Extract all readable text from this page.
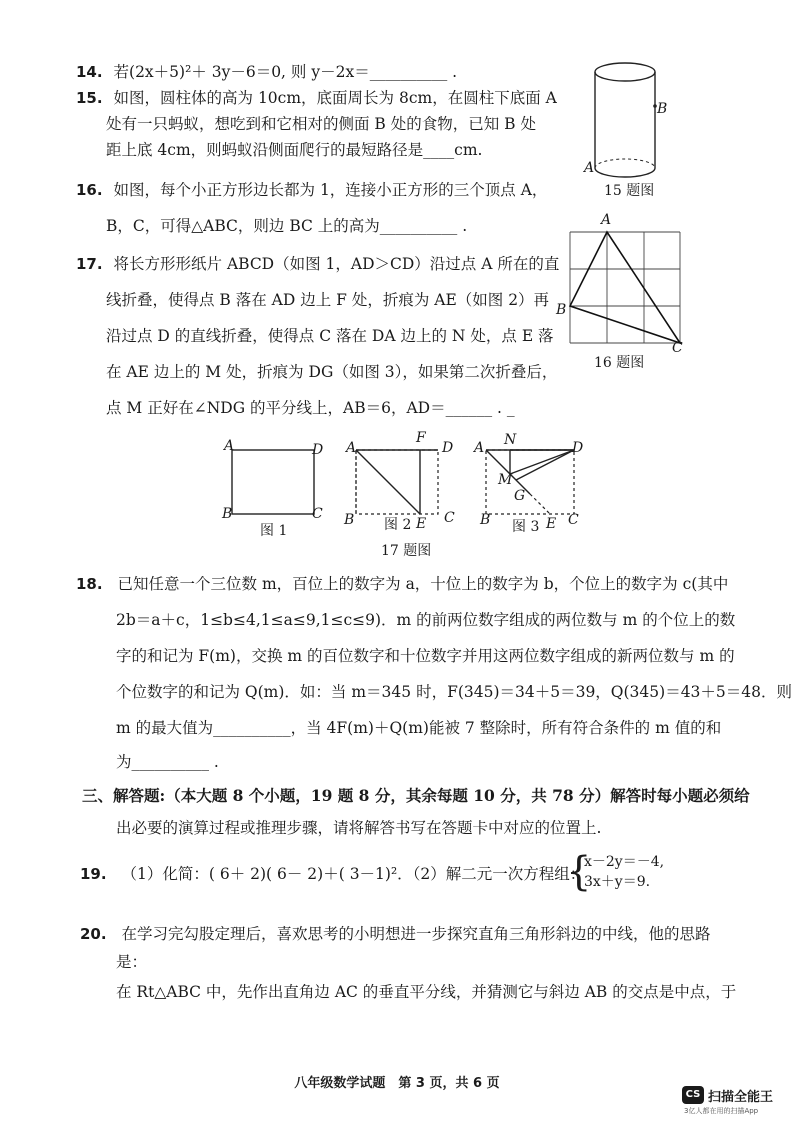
14. 若(2x＋5)²＋ 3y－6＝0, 则 y－2x＝__________ .
15. 如图，圆柱体的高为 10cm，底面周长为 8cm，在圆柱下底面 A
处有一只蚂蚁，想吃到和它相对的侧面 B 处的食物，已知 B 处
距上底 4cm，则蚂蚁沿侧面爬行的最短路径是____cm.
B
A
15 题图
16. 如图，每个小正方形边长都为 1，连接小正方形的三个顶点 A，
B，C，可得△ABC，则边 BC 上的高为__________ .	A
B
C
16 题图
17. 将长方形形纸片 ABCD（如图 1，AD＞CD）沿过点 A 所在的直
线折叠，使得点 B 落在 AD 边上 F 处，折痕为 AE（如图 2）再
沿过点 D 的直线折叠，使得点 C 落在 DA 边上的 N 处，点 E 落
在 AE 边上的 M 处，折痕为 DG（如图 3），如果第二次折叠后，
点 M 正好在∠NDG 的平分线上，AB＝6，AD＝______ . _
A	D
B	C
图 1
A
F
D
B 图 2 E C
A N	D
M
G
B 图 3 E C
17 题图
18. 已知任意一个三位数 m，百位上的数字为 a，十位上的数字为 b，个位上的数字为 c(其中
2b＝a＋c，1≤b≤4,1≤a≤9,1≤c≤9)．m 的前两位数字组成的两位数与 m 的个位上的数
字的和记为 F(m)，交换 m 的百位数字和十位数字并用这两位数字组成的新两位数与 m 的
个位数字的和记为 Q(m)．如：当 m＝345 时，F(345)＝34＋5＝39，Q(345)＝43＋5＝48．则
m 的最大值为__________，当 4F(m)＋Q(m)能被 7 整除时，所有符合条件的 m 值的和
为__________ .
三、解答题:（本大题 8 个小题，19 题 8 分，其余每题 10 分，共 78 分）解答时每小题必须给
出必要的演算过程或推理步骤，请将解答书写在答题卡中对应的位置上.
19. （1）化简：( 6＋ 2)( 6－ 2)＋( 3－1)²．（2）解二元一次方程组：
{
x－2y＝－4,
3x＋y＝9.
20. 在学习完勾股定理后，喜欢思考的小明想进一步探究直角三角形斜边的中线，他的思路
是：
在 Rt△ABC 中，先作出直角边 AC 的垂直平分线，并猜测它与斜边 AB 的交点是中点，于
八年级数学试题　第 3 页，共 6 页
CS 扫描全能王
3亿人都在用的扫描App
